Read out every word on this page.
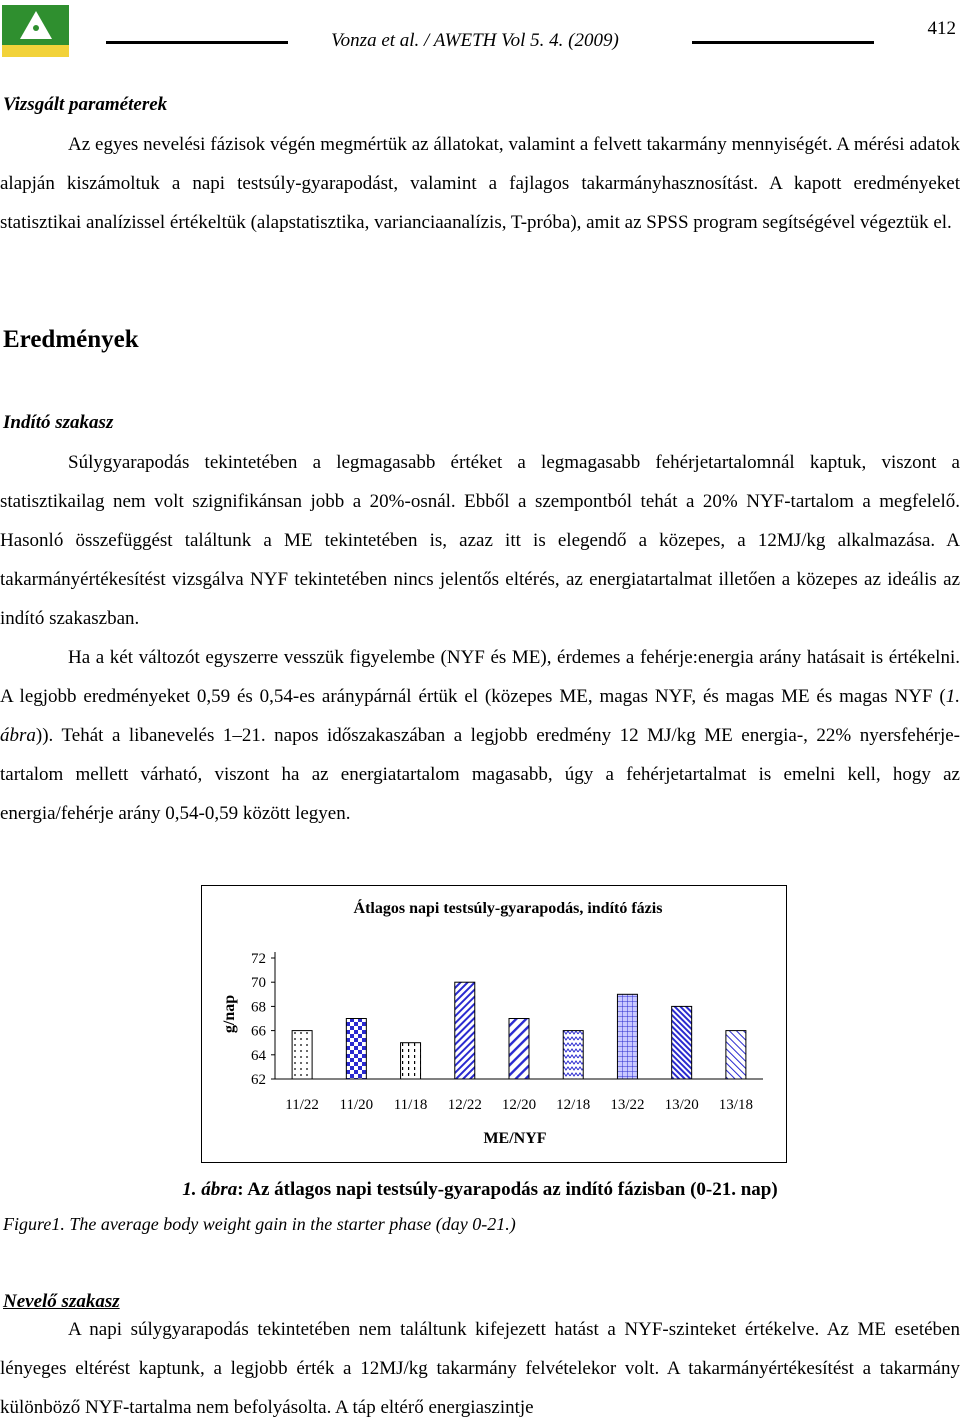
Vonza et al. / AWETH Vol 5. 4. (2009)
412
Vizsgált paraméterek

Az egyes nevelési fázisok végén megmértük az állatokat, valamint a felvett takarmány mennyiségét. A mérési adatok alapján kiszámoltuk a napi testsúly-gyarapodást, valamint a fajlagos takarmányhasznosítást. A kapott eredményeket statisztikai analízissel értékeltük (alapstatisztika, varianciaanalízis, T-próba), amit az SPSS program segítségével végeztük el.

Eredmények
Indító szakasz

Súlygyarapodás tekintetében a legmagasabb értéket a legmagasabb fehérjetartalomnál kaptuk, viszont a statisztikailag nem volt szignifikánsan jobb a 20%-osnál. Ebből a szempontból tehát a 20% NYF-tartalom a megfelelő. Hasonló összefüggést találtunk a ME tekintetében is, azaz itt is elegendő a közepes, a 12MJ/kg alkalmazása. A takarmányértékesítést vizsgálva NYF tekintetében nincs jelentős eltérés, az energiatartalmat illetően a közepes az ideális az indító szakaszban.

Ha a két változót egyszerre vesszük figyelembe (NYF és ME), érdemes a fehérje:energia arány hatásait is értékelni. A legjobb eredményeket 0,59 és 0,54-es aránypárnál értük el (közepes ME, magas NYF, és magas ME és magas NYF (1. ábra)). Tehát a libanevelés 1–21. napos időszakaszában a legjobb eredmény 12 MJ/kg ME energia-, 22% nyersfehérje-tartalom mellett várható, viszont ha az energiatartalom magasabb, úgy a fehérjetartalmat is emelni kell, hogy az energia/fehérje arány 0,54-0,59 között legyen.

Átlagos napi testsúly-gyarapodás, indító fázis
g/nap
ME/NYF
62
64
66
68
70
72
11/22 11/20 11/18 12/22 12/20 12/18 13/22 13/20 13/18
1. ábra: Az átlagos napi testsúly-gyarapodás az indító fázisban (0-21. nap)
Figure1. The average body weight gain in the starter phase (day 0-21.)
Nevelő szakasz

A napi súlygyarapodás tekintetében nem találtunk kifejezett hatást a NYF-szinteket értékelve. Az ME esetében lényeges eltérést kaptunk, a legjobb érték a 12MJ/kg takarmány felvételekor volt. A takarmányértékesítést a takarmány különböző NYF-tartalma nem befolyásolta. A táp eltérő energiaszintje
